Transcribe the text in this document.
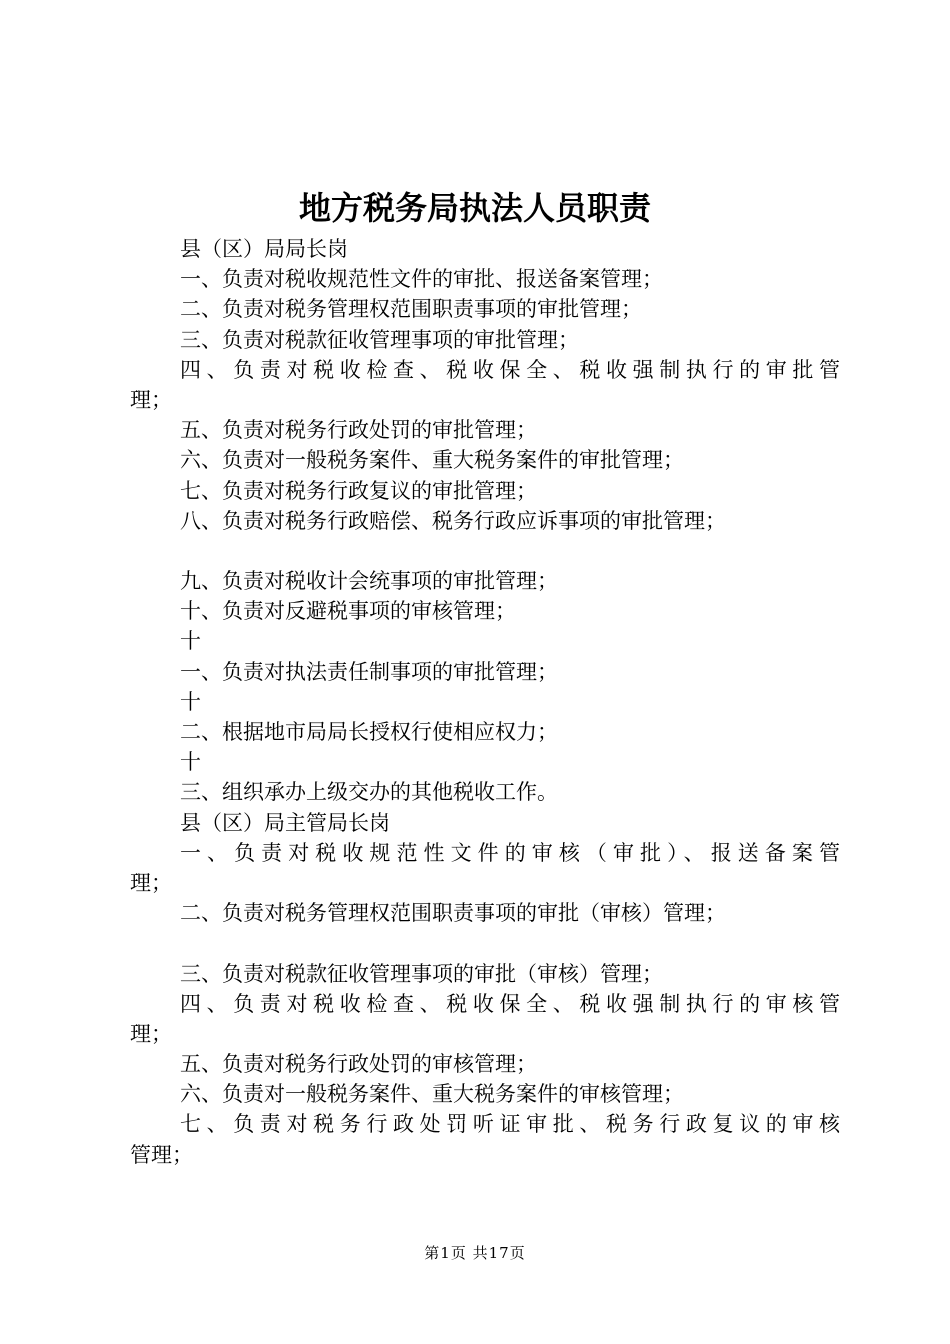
地方税务局执法人员职责
县（区）局局长岗
一、负责对税收规范性文件的审批、报送备案管理；
二、负责对税务管理权范围职责事项的审批管理；
三、负责对税款征收管理事项的审批管理；
四、负责对税收检查、税收保全、税收强制执行的审批管
理；
五、负责对税务行政处罚的审批管理；
六、负责对一般税务案件、重大税务案件的审批管理；
七、负责对税务行政复议的审批管理；
八、负责对税务行政赔偿、税务行政应诉事项的审批管理；
九、负责对税收计会统事项的审批管理；
十、负责对反避税事项的审核管理；
十
一、负责对执法责任制事项的审批管理；
十
二、根据地市局局长授权行使相应权力；
十
三、组织承办上级交办的其他税收工作。
县（区）局主管局长岗
一、负责对税收规范性文件的审核（审批）、报送备案管
理；
二、负责对税务管理权范围职责事项的审批（审核）管理；
三、负责对税款征收管理事项的审批（审核）管理；
四、负责对税收检查、税收保全、税收强制执行的审核管
理；
五、负责对税务行政处罚的审核管理；
六、负责对一般税务案件、重大税务案件的审核管理；
七、负责对税务行政处罚听证审批、税务行政复议的审核
管理；
第1页 共17页
